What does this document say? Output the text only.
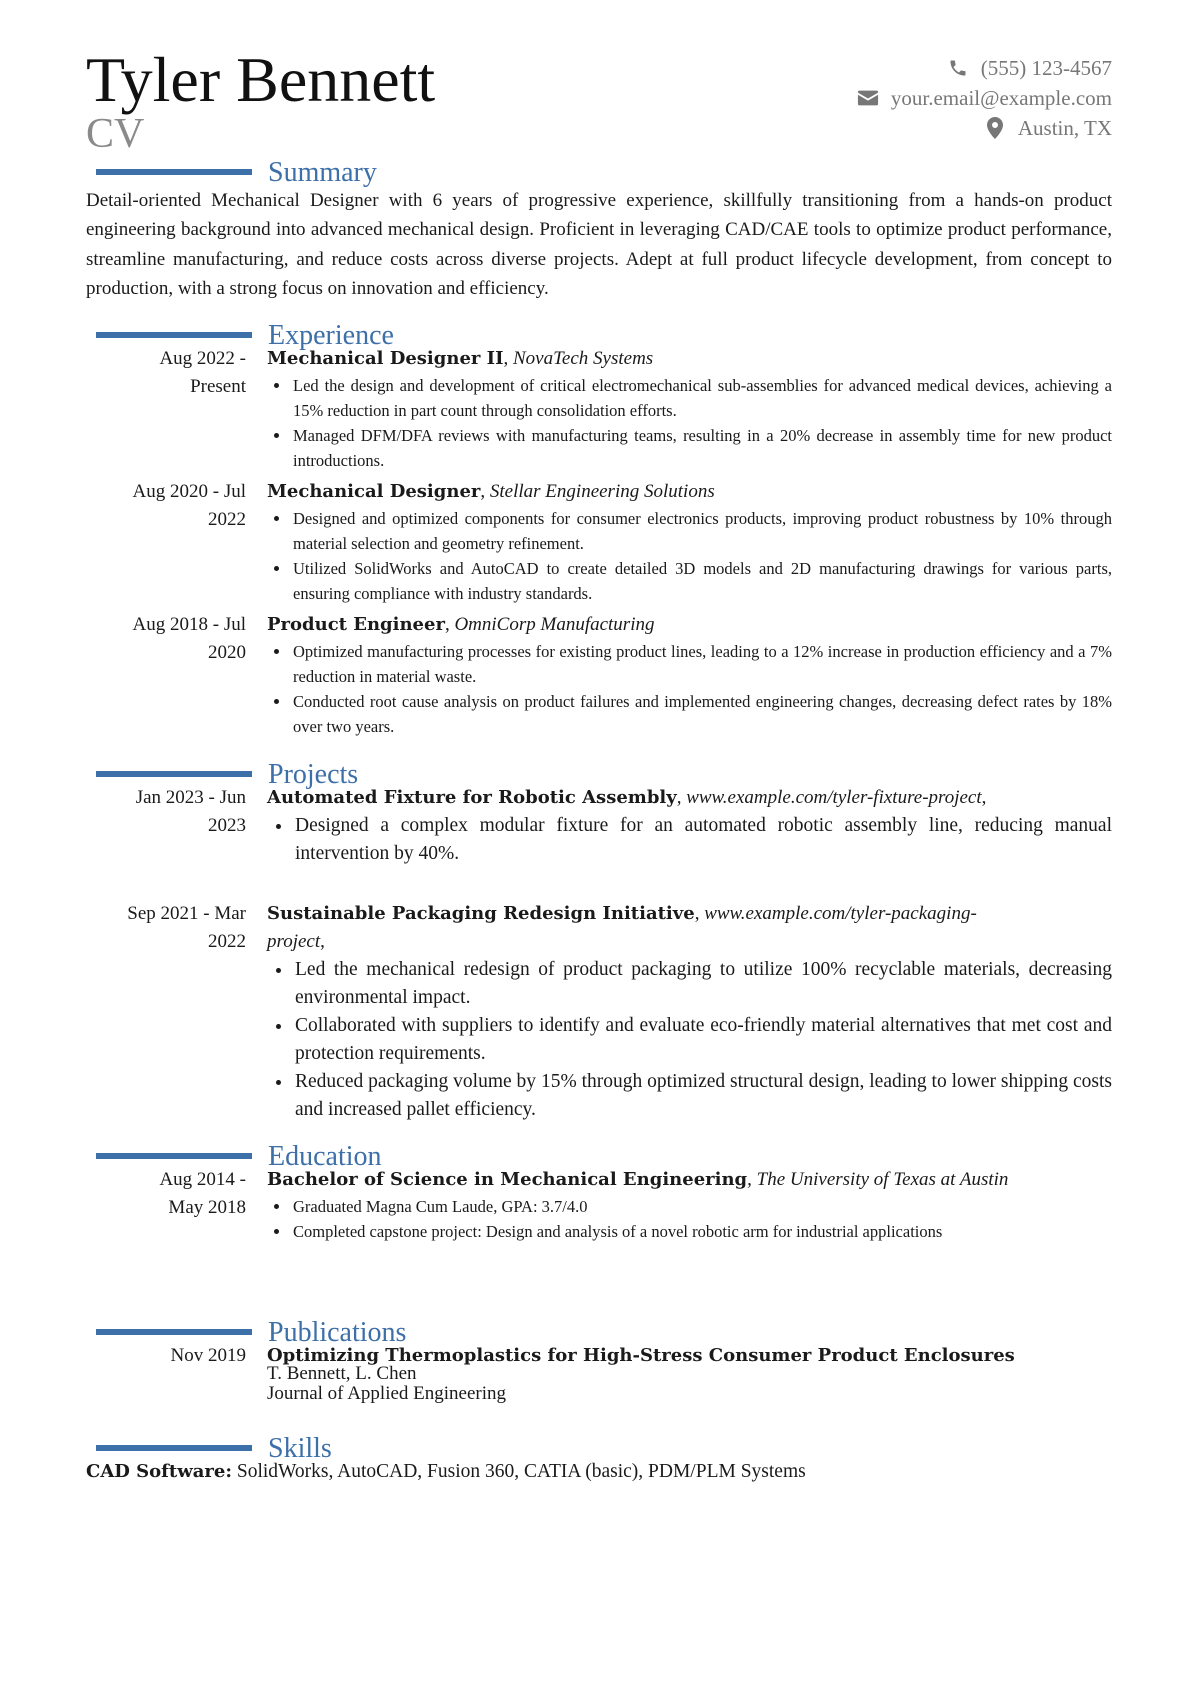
Tyler Bennett
CV
(555) 123-4567
your.email@example.com
Austin, TX
Summary
Detail-oriented Mechanical Designer with 6 years of progressive experience, skillfully transitioning from a hands-on product engineering background into advanced mechanical design. Proficient in leveraging CAD/CAE tools to optimize product performance, streamline manufacturing, and reduce costs across diverse projects. Adept at full product lifecycle development, from concept to production, with a strong focus on innovation and efficiency.
Experience
Aug 2022 -
Present
Mechanical Designer II, NovaTech Systems
• Led the design and development of critical electromechanical sub-assemblies for advanced medical devices, achieving a 15% reduction in part count through consolidation efforts.
• Managed DFM/DFA reviews with manufacturing teams, resulting in a 20% decrease in assembly time for new product introductions.
Aug 2020 - Jul
2022
Mechanical Designer, Stellar Engineering Solutions
• Designed and optimized components for consumer electronics products, improving product robustness by 10% through material selection and geometry refinement.
• Utilized SolidWorks and AutoCAD to create detailed 3D models and 2D manufacturing drawings for various parts, ensuring compliance with industry standards.
Aug 2018 - Jul
2020
Product Engineer, OmniCorp Manufacturing
• Optimized manufacturing processes for existing product lines, leading to a 12% increase in production efficiency and a 7% reduction in material waste.
• Conducted root cause analysis on product failures and implemented engineering changes, decreasing defect rates by 18% over two years.
Projects
Jan 2023 - Jun
2023
Automated Fixture for Robotic Assembly, www.example.com/tyler-fixture-project,
• Designed a complex modular fixture for an automated robotic assembly line, reducing manual intervention by 40%.
Sep 2021 - Mar
2022
Sustainable Packaging Redesign Initiative, www.example.com/tyler-packaging-project,
• Led the mechanical redesign of product packaging to utilize 100% recyclable materials, decreasing environmental impact.
• Collaborated with suppliers to identify and evaluate eco-friendly material alternatives that met cost and protection requirements.
• Reduced packaging volume by 15% through optimized structural design, leading to lower shipping costs and increased pallet efficiency.
Education
Aug 2014 -
May 2018
Bachelor of Science in Mechanical Engineering, The University of Texas at Austin
• Graduated Magna Cum Laude, GPA: 3.7/4.0
• Completed capstone project: Design and analysis of a novel robotic arm for industrial applications
Publications
Nov 2019 Optimizing Thermoplastics for High-Stress Consumer Product Enclosures
T. Bennett, L. Chen
Journal of Applied Engineering
Skills
CAD Software: SolidWorks, AutoCAD, Fusion 360, CATIA (basic), PDM/PLM Systems
